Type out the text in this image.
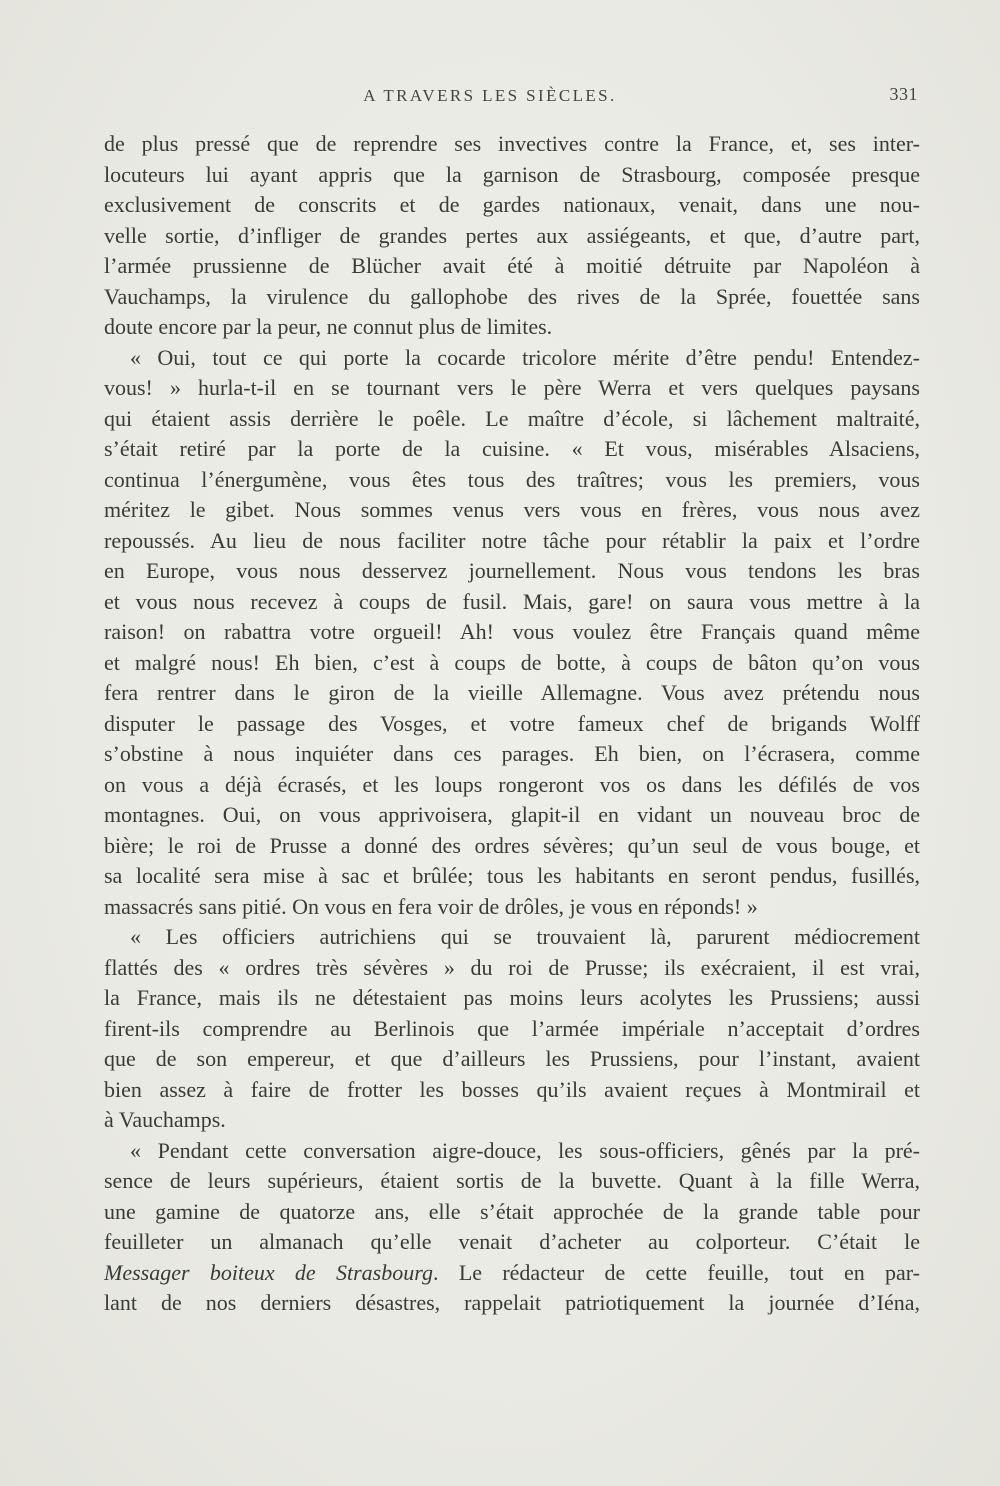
A TRAVERS LES SIÈCLES.	331
de plus pressé que de reprendre ses invectives contre la France, et, ses inter-
locuteurs lui ayant appris que la garnison de Strasbourg, composée presque
exclusivement de conscrits et de gardes nationaux, venait, dans une nou-
velle sortie, d’infliger de grandes pertes aux assiégeants, et que, d’autre part,
l’armée prussienne de Blücher avait été à moitié détruite par Napoléon à
Vauchamps, la virulence du gallophobe des rives de la Sprée, fouettée sans
doute encore par la peur, ne connut plus de limites.
« Oui, tout ce qui porte la cocarde tricolore mérite d’être pendu! Entendez-
vous! » hurla-t-il en se tournant vers le père Werra et vers quelques paysans
qui étaient assis derrière le poêle. Le maître d’école, si lâchement maltraité,
s’était retiré par la porte de la cuisine. « Et vous, misérables Alsaciens,
continua l’énergumène, vous êtes tous des traîtres; vous les premiers, vous
méritez le gibet. Nous sommes venus vers vous en frères, vous nous avez
repoussés. Au lieu de nous faciliter notre tâche pour rétablir la paix et l’ordre
en Europe, vous nous desservez journellement. Nous vous tendons les bras
et vous nous recevez à coups de fusil. Mais, gare! on saura vous mettre à la
raison! on rabattra votre orgueil! Ah! vous voulez être Français quand même
et malgré nous! Eh bien, c’est à coups de botte, à coups de bâton qu’on vous
fera rentrer dans le giron de la vieille Allemagne. Vous avez prétendu nous
disputer le passage des Vosges, et votre fameux chef de brigands Wolff
s’obstine à nous inquiéter dans ces parages. Eh bien, on l’écrasera, comme
on vous a déjà écrasés, et les loups rongeront vos os dans les défilés de vos
montagnes. Oui, on vous apprivoisera, glapit-il en vidant un nouveau broc de
bière; le roi de Prusse a donné des ordres sévères; qu’un seul de vous bouge, et
sa localité sera mise à sac et brûlée; tous les habitants en seront pendus, fusillés,
massacrés sans pitié. On vous en fera voir de drôles, je vous en réponds! »
« Les officiers autrichiens qui se trouvaient là, parurent médiocrement
flattés des « ordres très sévères » du roi de Prusse; ils exécraient, il est vrai,
la France, mais ils ne détestaient pas moins leurs acolytes les Prussiens; aussi
firent-ils comprendre au Berlinois que l’armée impériale n’acceptait d’ordres
que de son empereur, et que d’ailleurs les Prussiens, pour l’instant, avaient
bien assez à faire de frotter les bosses qu’ils avaient reçues à Montmirail et
à Vauchamps.
« Pendant cette conversation aigre-douce, les sous-officiers, gênés par la pré-
sence de leurs supérieurs, étaient sortis de la buvette. Quant à la fille Werra,
une gamine de quatorze ans, elle s’était approchée de la grande table pour
feuilleter un almanach qu’elle venait d’acheter au colporteur. C’était le
Messager boiteux de Strasbourg. Le rédacteur de cette feuille, tout en par-
lant de nos derniers désastres, rappelait patriotiquement la journée d’Iéna,
